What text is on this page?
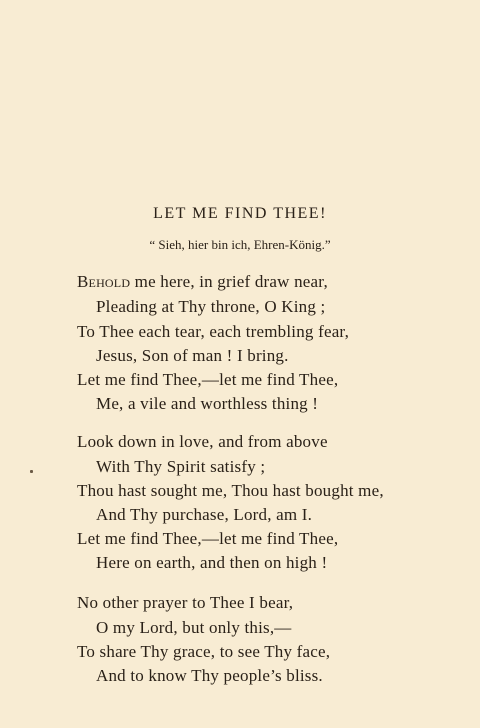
LET ME FIND THEE!
“ Sieh, hier bin ich, Ehren-König.”
Behold me here, in grief draw near,
Pleading at Thy throne, O King ;
To Thee each tear, each trembling fear,
Jesus, Son of man ! I bring.
Let me find Thee,—let me find Thee,
Me, a vile and worthless thing !
Look down in love, and from above
With Thy Spirit satisfy ;
Thou hast sought me, Thou hast bought me,
And Thy purchase, Lord, am I.
Let me find Thee,—let me find Thee,
Here on earth, and then on high !
No other prayer to Thee I bear,
O my Lord, but only this,—
To share Thy grace, to see Thy face,
And to know Thy people’s bliss.
